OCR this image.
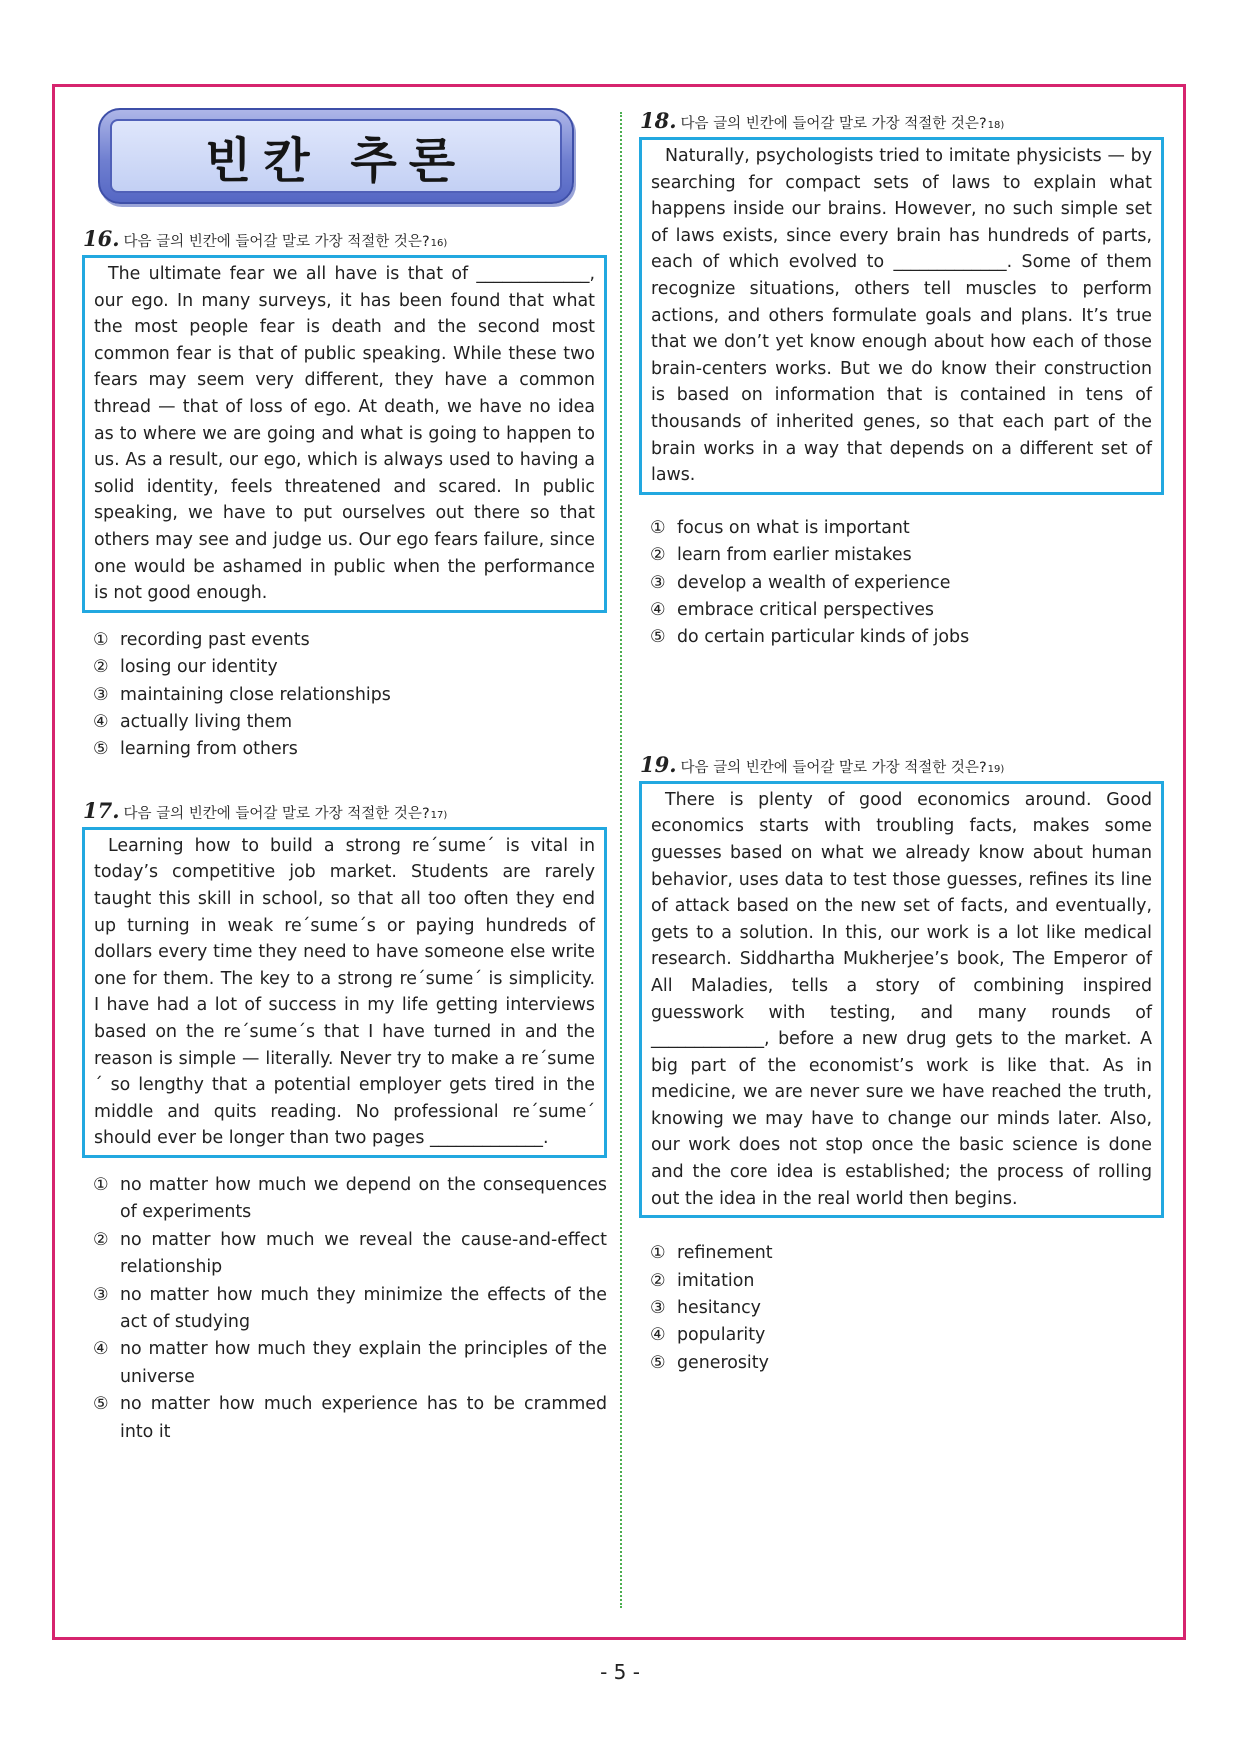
빈칸 추론
16. 다음 글의 빈칸에 들어갈 말로 가장 적절한 것은? 16)
The ultimate fear we all have is that of _____________, our ego. In many surveys, it has been found that what the most people fear is death and the second most common fear is that of public speaking. While these two fears may seem very different, they have a common thread — that of loss of ego. At death, we have no idea as to where we are going and what is going to happen to us. As a result, our ego, which is always used to having a solid identity, feels threatened and scared. In public speaking, we have to put ourselves out there so that others may see and judge us. Our ego fears failure, since one would be ashamed in public when the performance is not good enough.
① recording past events
② losing our identity
③ maintaining close relationships
④ actually living them
⑤ learning from others
17. 다음 글의 빈칸에 들어갈 말로 가장 적절한 것은? 17)
Learning how to build a strong re´sume´ is vital in today’s competitive job market. Students are rarely taught this skill in school, so that all too often they end up turning in weak re´sume´s or paying hundreds of dollars every time they need to have someone else write one for them. The key to a strong re´sume´ is simplicity. I have had a lot of success in my life getting interviews based on the re´sume´s that I have turned in and the reason is simple — literally. Never try to make a re´sume´ so lengthy that a potential employer gets tired in the middle and quits reading. No professional re´sume´ should ever be longer than two pages _____________.
① no matter how much we depend on the consequences of experiments
② no matter how much we reveal the cause-and-effect relationship
③ no matter how much they minimize the effects of the act of studying
④ no matter how much they explain the principles of the universe
⑤ no matter how much experience has to be crammed into it
18. 다음 글의 빈칸에 들어갈 말로 가장 적절한 것은? 18)
Naturally, psychologists tried to imitate physicists — by searching for compact sets of laws to explain what happens inside our brains. However, no such simple set of laws exists, since every brain has hundreds of parts, each of which evolved to _____________. Some of them recognize situations, others tell muscles to perform actions, and others formulate goals and plans. It’s true that we don’t yet know enough about how each of those brain-centers works. But we do know their construction is based on information that is contained in tens of thousands of inherited genes, so that each part of the brain works in a way that depends on a different set of laws.
① focus on what is important
② learn from earlier mistakes
③ develop a wealth of experience
④ embrace critical perspectives
⑤ do certain particular kinds of jobs
19. 다음 글의 빈칸에 들어갈 말로 가장 적절한 것은? 19)
There is plenty of good economics around. Good economics starts with troubling facts, makes some guesses based on what we already know about human behavior, uses data to test those guesses, refines its line of attack based on the new set of facts, and eventually, gets to a solution. In this, our work is a lot like medical research. Siddhartha Mukherjee’s book, The Emperor of All Maladies, tells a story of combining inspired guesswork with testing, and many rounds of _____________, before a new drug gets to the market. A big part of the economist’s work is like that. As in medicine, we are never sure we have reached the truth, knowing we may have to change our minds later. Also, our work does not stop once the basic science is done and the core idea is established; the process of rolling out the idea in the real world then begins.
① refinement
② imitation
③ hesitancy
④ popularity
⑤ generosity
- 5 -
